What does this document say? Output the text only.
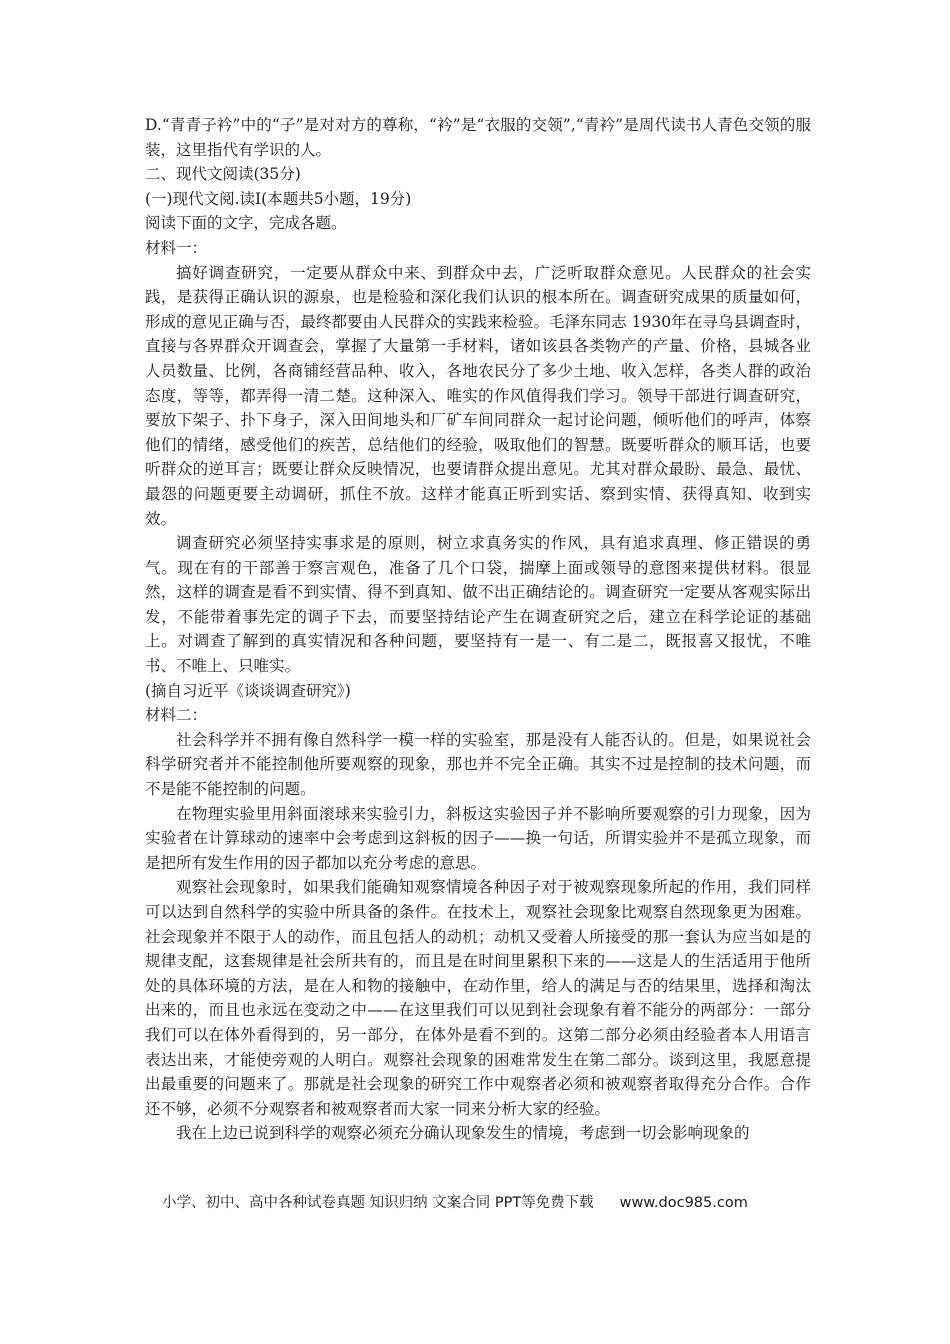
D.“青青子衿”中的“子”是对对方的尊称，“衿”是“衣服的交领”,“青衿”是周代读书人青色交领的服装，这里指代有学识的人。

二、现代文阅读(35分)

(一)现代文阅.读I(本题共5小题，19分)

阅读下面的文字，完成各题。

材料一：

搞好调查研究，一定要从群众中来、到群众中去，广泛听取群众意见。人民群众的社会实践，是获得正确认识的源泉，也是检验和深化我们认识的根本所在。调查研究成果的质量如何，形成的意见正确与否，最终都要由人民群众的实践来检验。毛泽东同志 1930年在寻乌县调查时，直接与各界群众开调查会，掌握了大量第一手材料，诸如该县各类物产的产量、价格，县城各业人员数量、比例，各商铺经营品种、收入，各地农民分了多少土地、收入怎样，各类人群的政治态度，等等，都弄得一清二楚。这种深入、唯实的作风值得我们学习。领导干部进行调查研究，要放下架子、扑下身子，深入田间地头和厂矿车间同群众一起讨论问题，倾听他们的呼声，体察他们的情绪，感受他们的疾苦，总结他们的经验，吸取他们的智慧。既要听群众的顺耳话，也要听群众的逆耳言；既要让群众反映情况，也要请群众提出意见。尤其对群众最盼、最急、最忧、最怨的问题更要主动调研，抓住不放。这样才能真正听到实话、察到实情、获得真知、收到实效。

调查研究必须坚持实事求是的原则，树立求真务实的作风，具有追求真理、修正错误的勇气。现在有的干部善于察言观色，准备了几个口袋，揣摩上面或领导的意图来提供材料。很显然，这样的调查是看不到实情、得不到真知、做不出正确结论的。调查研究一定要从客观实际出发，不能带着事先定的调子下去，而要坚持结论产生在调查研究之后，建立在科学论证的基础上。对调查了解到的真实情况和各种问题，要坚持有一是一、有二是二，既报喜又报忧，不唯书、不唯上、只唯实。

(摘自习近平《谈谈调查研究》)

材料二：

社会科学并不拥有像自然科学一模一样的实验室，那是没有人能否认的。但是，如果说社会科学研究者并不能控制他所要观察的现象，那也并不完全正确。其实不过是控制的技术问题，而不是能不能控制的问题。

在物理实验里用斜面滚球来实验引力，斜板这实验因子并不影响所要观察的引力现象，因为实验者在计算球动的速率中会考虑到这斜板的因子——换一句话，所谓实验并不是孤立现象，而是把所有发生作用的因子都加以充分考虑的意思。

观察社会现象时，如果我们能确知观察情境各种因子对于被观察现象所起的作用，我们同样可以达到自然科学的实验中所具备的条件。在技术上，观察社会现象比观察自然现象更为困难。社会现象并不限于人的动作，而且包括人的动机；动机又受着人所接受的那一套认为应当如是的规律支配，这套规律是社会所共有的，而且是在时间里累积下来的——这是人的生活适用于他所处的具体环境的方法，是在人和物的接触中，在动作里，给人的满足与否的结果里，选择和淘汰出来的，而且也永远在变动之中——在这里我们可以见到社会现象有着不能分的两部分：一部分我们可以在体外看得到的，另一部分，在体外是看不到的。这第二部分必须由经验者本人用语言表达出来，才能使旁观的人明白。观察社会现象的困难常发生在第二部分。谈到这里，我愿意提出最重要的问题来了。那就是社会现象的研究工作中观察者必须和被观察者取得充分合作。合作还不够，必须不分观察者和被观察者而大家一同来分析大家的经验。

我在上边已说到科学的观察必须充分确认现象发生的情境，考虑到一切会影响现象的

小学、初中、高中各种试卷真题 知识归纳 文案合同 PPT等免费下载 www.doc985.com
